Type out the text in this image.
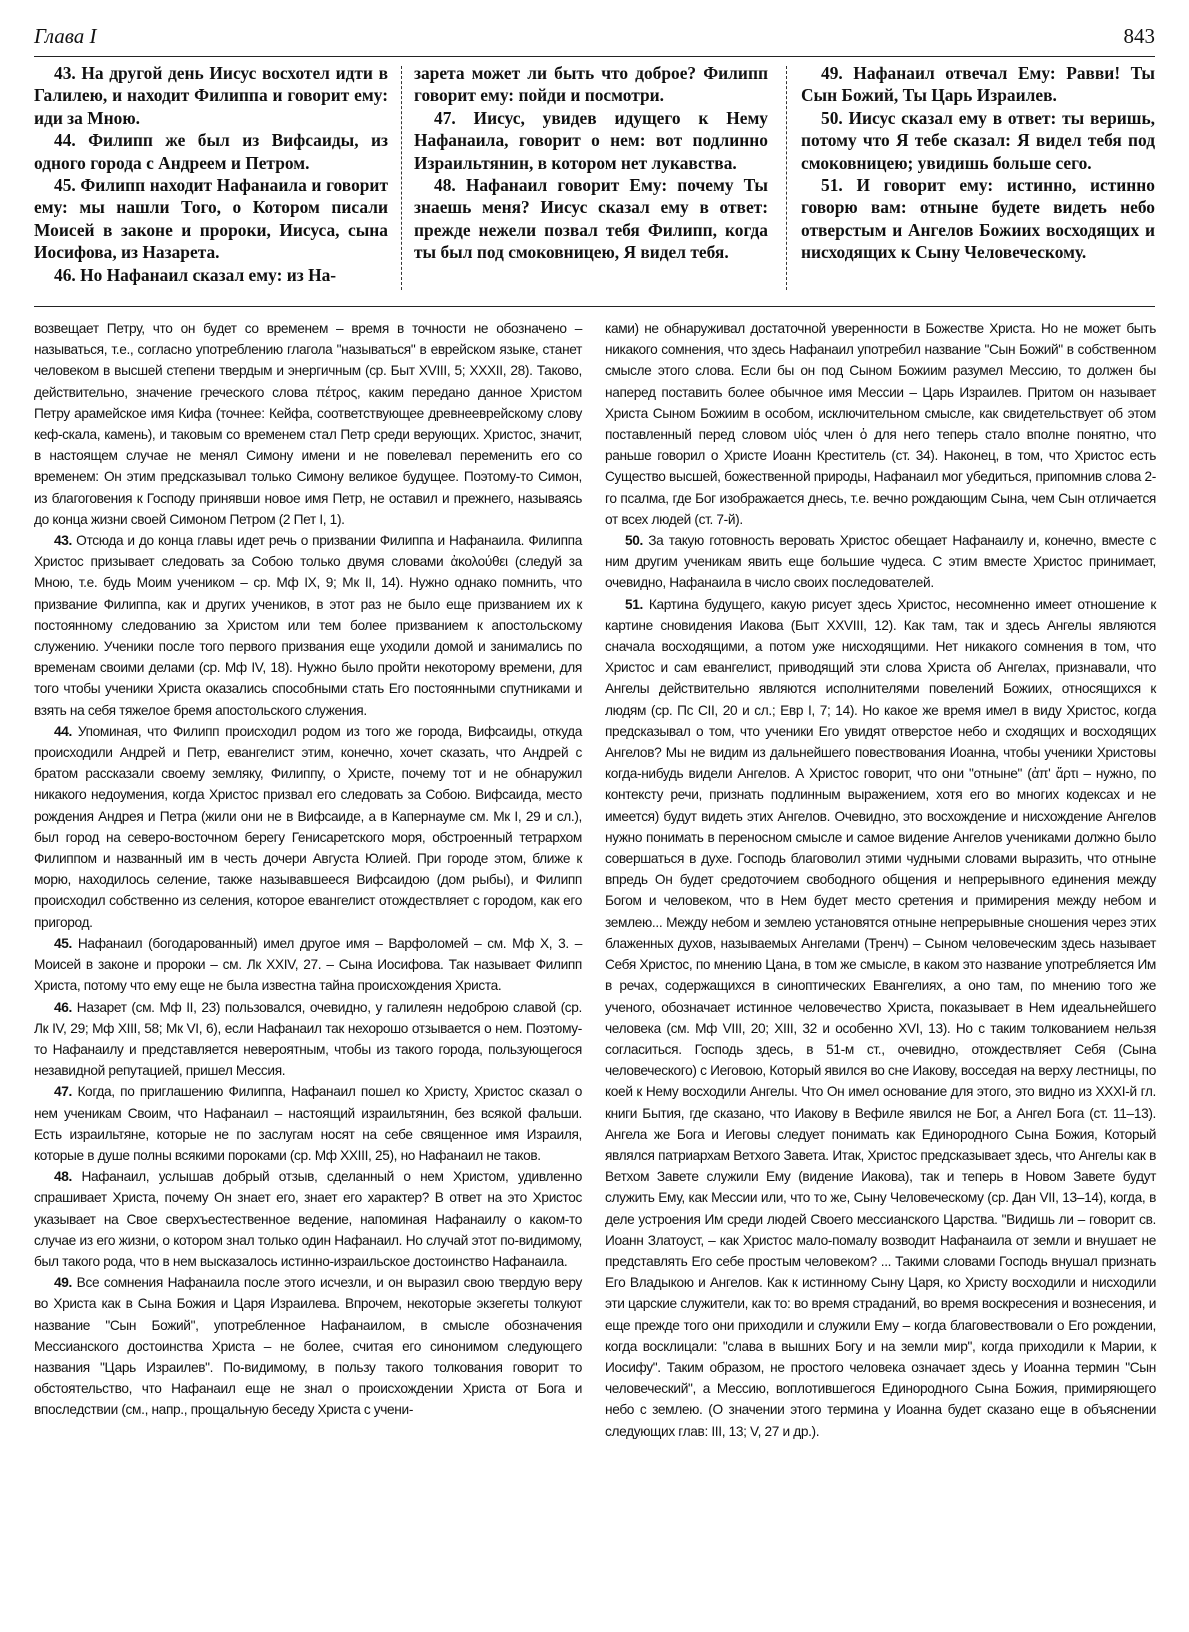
Глава I	843

43. На другой день Иисус восхотел идти в Галилею, и находит Филиппа и говорит ему: иди за Мною.

44. Филипп же был из Вифсаиды, из одного города с Андреем и Петром.

45. Филипп находит Нафанаила и говорит ему: мы нашли Того, о Котором писали Моисей в законе и пророки, Иисуса, сына Иосифова, из Назарета.

46. Но Нафанаил сказал ему: из На-

зарета может ли быть что доброе? Филипп говорит ему: пойди и посмотри.

47. Иисус, увидев идущего к Нему Нафанаила, говорит о нем: вот подлинно Израильтянин, в котором нет лукавства.

48. Нафанаил говорит Ему: почему Ты знаешь меня? Иисус сказал ему в ответ: прежде нежели позвал тебя Филипп, когда ты был под смоковницею, Я видел тебя.

49. Нафанаил отвечал Ему: Равви! Ты Сын Божий, Ты Царь Израилев.

50. Иисус сказал ему в ответ: ты веришь, потому что Я тебе сказал: Я видел тебя под смоковницею; увидишь больше сего.

51. И говорит ему: истинно, истинно говорю вам: отныне будете видеть небо отверстым и Ангелов Божиих восходящих и нисходящих к Сыну Человеческому.

возвещает Петру, что он будет со временем – время в точности не обозначено – называться, т.е., согласно употреблению глагола "называться" в еврейском языке, станет человеком в высшей степени твердым и энергичным (ср. Быт XVIII, 5; XXXII, 28). Таково, действительно, значение греческого слова πέτρος, каким передано данное Христом Петру арамейское имя Кифа (точнее: Кейфа, соответствующее древнееврейскому слову кеф-скала, камень), и таковым со временем стал Петр среди верующих. Христос, значит, в настоящем случае не менял Симону имени и не повелевал переменить его со временем: Он этим предсказывал только Симону великое будущее. Поэтому-то Симон, из благоговения к Господу принявши новое имя Петр, не оставил и прежнего, называясь до конца жизни своей Симоном Петром (2 Пет I, 1).

43. Отсюда и до конца главы идет речь о призвании Филиппа и Нафанаила. Филиппа Христос призывает следовать за Собою только двумя словами ἀκολούθει (следуй за Мною, т.е. будь Моим учеником – ср. Мф IX, 9; Мк II, 14). Нужно однако помнить, что призвание Филиппа, как и других учеников, в этот раз не было еще призванием их к постоянному следованию за Христом или тем более призванием к апостольскому служению. Ученики после того первого призвания еще уходили домой и занимались по временам своими делами (ср. Мф IV, 18). Нужно было пройти некоторому времени, для того чтобы ученики Христа оказались способными стать Его постоянными спутниками и взять на себя тяжелое бремя апостольского служения.

44. Упоминая, что Филипп происходил родом из того же города, Вифсаиды, откуда происходили Андрей и Петр, евангелист этим, конечно, хочет сказать, что Андрей с братом рассказали своему земляку, Филиппу, о Христе, почему тот и не обнаружил никакого недоумения, когда Христос призвал его следовать за Собою. Вифсаида, место рождения Андрея и Петра (жили они не в Вифсаиде, а в Капернауме см. Мк I, 29 и сл.), был город на северо-восточном берегу Генисаретского моря, обстроенный тетрархом Филиппом и названный им в честь дочери Августа Юлией. При городе этом, ближе к морю, находилось селение, также называвшееся Вифсаидою (дом рыбы), и Филипп происходил собственно из селения, которое евангелист отождествляет с городом, как его пригород.

45. Нафанаил (богодарованный) имел другое имя – Варфоломей – см. Мф X, 3. – Моисей в законе и пророки – см. Лк XXIV, 27. – Сына Иосифова. Так называет Филипп Христа, потому что ему еще не была известна тайна происхождения Христа.

46. Назарет (см. Мф II, 23) пользовался, очевидно, у галилеян недоброю славой (ср. Лк IV, 29; Мф XIII, 58; Мк VI, 6), если Нафанаил так нехорошо отзывается о нем. Поэтому-то Нафанаилу и представляется невероятным, чтобы из такого города, пользующегося незавидной репутацией, пришел Мессия.

47. Когда, по приглашению Филиппа, Нафанаил пошел ко Христу, Христос сказал о нем ученикам Своим, что Нафанаил – настоящий израильтянин, без всякой фальши. Есть израильтяне, которые не по заслугам носят на себе священное имя Израиля, которые в душе полны всякими пороками (ср. Мф XXIII, 25), но Нафанаил не таков.

48. Нафанаил, услышав добрый отзыв, сделанный о нем Христом, удивленно спрашивает Христа, почему Он знает его, знает его характер? В ответ на это Христос указывает на Свое сверхъестественное ведение, напоминая Нафанаилу о каком-то случае из его жизни, о котором знал только один Нафанаил. Но случай этот по-видимому, был такого рода, что в нем высказалось истинно-израильское достоинство Нафанаила.

49. Все сомнения Нафанаила после этого исчезли, и он выразил свою твердую веру во Христа как в Сына Божия и Царя Израилева. Впрочем, некоторые экзегеты толкуют название "Сын Божий", употребленное Нафанаилом, в смысле обозначения Мессианского достоинства Христа – не более, считая его синонимом следующего названия "Царь Израилев". По-видимому, в пользу такого толкования говорит то обстоятельство, что Нафанаил еще не знал о происхождении Христа от Бога и впоследствии (см., напр., прощальную беседу Христа с учени-

ками) не обнаруживал достаточной уверенности в Божестве Христа. Но не может быть никакого сомнения, что здесь Нафанаил употребил название "Сын Божий" в собственном смысле этого слова. Если бы он под Сыном Божиим разумел Мессию, то должен бы наперед поставить более обычное имя Мессии – Царь Израилев. Притом он называет Христа Сыном Божиим в особом, исключительном смысле, как свидетельствует об этом поставленный перед словом υἱός член ὁ для него теперь стало вполне понятно, что раньше говорил о Христе Иоанн Креститель (ст. 34). Наконец, в том, что Христос есть Существо высшей, божественной природы, Нафанаил мог убедиться, припомнив слова 2-го псалма, где Бог изображается днесь, т.е. вечно рождающим Сына, чем Сын отличается от всех людей (ст. 7-й).

50. За такую готовность веровать Христос обещает Нафанаилу и, конечно, вместе с ним другим ученикам явить еще большие чудеса. С этим вместе Христос принимает, очевидно, Нафанаила в число своих последователей.

51. Картина будущего, какую рисует здесь Христос, несомненно имеет отношение к картине сновидения Иакова (Быт XXVIII, 12). Как там, так и здесь Ангелы являются сначала восходящими, а потом уже нисходящими. Нет никакого сомнения в том, что Христос и сам евангелист, приводящий эти слова Христа об Ангелах, признавали, что Ангелы действительно являются исполнителями повелений Божиих, относящихся к людям (ср. Пс CII, 20 и сл.; Евр I, 7; 14). Но какое же время имел в виду Христос, когда предсказывал о том, что ученики Его увидят отверстое небо и сходящих и восходящих Ангелов? Мы не видим из дальнейшего повествования Иоанна, чтобы ученики Христовы когда-нибудь видели Ангелов. А Христос говорит, что они "отныне" (ἀπ' ἄρτι – нужно, по контексту речи, признать подлинным выражением, хотя его во многих кодексах и не имеется) будут видеть этих Ангелов. Очевидно, это восхождение и нисхождение Ангелов нужно понимать в переносном смысле и самое видение Ангелов учениками должно было совершаться в духе. Господь благоволил этими чудными словами выразить, что отныне впредь Он будет средоточием свободного общения и непрерывного единения между Богом и человеком, что в Нем будет место сретения и примирения между небом и землею... Между небом и землею установятся отныне непрерывные сношения через этих блаженных духов, называемых Ангелами (Тренч) – Сыном человеческим здесь называет Себя Христос, по мнению Цана, в том же смысле, в каком это название употребляется Им в речах, содержащихся в синоптических Евангелиях, а оно там, по мнению того же ученого, обозначает истинное человечество Христа, показывает в Нем идеальнейшего человека (см. Мф VIII, 20; XIII, 32 и особенно XVI, 13). Но с таким толкованием нельзя согласиться. Господь здесь, в 51-м ст., очевидно, отождествляет Себя (Сына человеческого) с Иеговою, Который явился во сне Иакову, восседая на верху лестницы, по коей к Нему восходили Ангелы. Что Он имел основание для этого, это видно из XXXI-й гл. книги Бытия, где сказано, что Иакову в Вефиле явился не Бог, а Ангел Бога (ст. 11–13). Ангела же Бога и Иеговы следует понимать как Единородного Сына Божия, Который являлся патриархам Ветхого Завета. Итак, Христос предсказывает здесь, что Ангелы как в Ветхом Завете служили Ему (видение Иакова), так и теперь в Новом Завете будут служить Ему, как Мессии или, что то же, Сыну Человеческому (ср. Дан VII, 13–14), когда, в деле устроения Им среди людей Своего мессианского Царства. "Видишь ли – говорит св. Иоанн Златоуст, – как Христос мало-помалу возводит Нафанаила от земли и внушает не представлять Его себе простым человеком? ... Такими словами Господь внушал признать Его Владыкою и Ангелов. Как к истинному Сыну Царя, ко Христу восходили и нисходили эти царские служители, как то: во время страданий, во время воскресения и вознесения, и еще прежде того они приходили и служили Ему – когда благовествовали о Его рождении, когда восклицали: "слава в вышних Богу и на земли мир", когда приходили к Марии, к Иосифу". Таким образом, не простого человека означает здесь у Иоанна термин "Сын человеческий", а Мессию, воплотившегося Единородного Сына Божия, примиряющего небо с землею. (О значении этого термина у Иоанна будет сказано еще в объяснении следующих глав: III, 13; V, 27 и др.).
